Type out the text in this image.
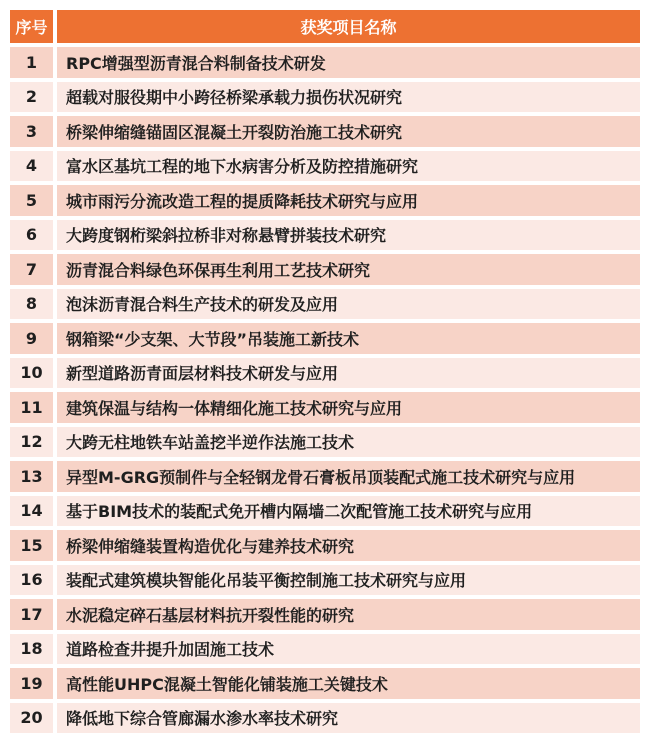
序号	获奖项目名称
1	RPC增强型沥青混合料制备技术研发
2	超载对服役期中小跨径桥梁承载力损伤状况研究
3	桥梁伸缩缝锚固区混凝土开裂防治施工技术研究
4	富水区基坑工程的地下水病害分析及防控措施研究
5	城市雨污分流改造工程的提质降耗技术研究与应用
6	大跨度钢桁梁斜拉桥非对称悬臂拼装技术研究
7	沥青混合料绿色环保再生利用工艺技术研究
8	泡沫沥青混合料生产技术的研发及应用
9	钢箱梁“少支架、大节段”吊装施工新技术
10	新型道路沥青面层材料技术研发与应用
11	建筑保温与结构一体精细化施工技术研究与应用
12	大跨无柱地铁车站盖挖半逆作法施工技术
13	异型M-GRG预制件与全轻钢龙骨石膏板吊顶装配式施工技术研究与应用
14	基于BIM技术的装配式免开槽内隔墙二次配管施工技术研究与应用
15	桥梁伸缩缝装置构造优化与建养技术研究
16	装配式建筑模块智能化吊装平衡控制施工技术研究与应用
17	水泥稳定碎石基层材料抗开裂性能的研究
18	道路检查井提升加固施工技术
19	高性能UHPC混凝土智能化铺装施工关键技术
20	降低地下综合管廊漏水渗水率技术研究
